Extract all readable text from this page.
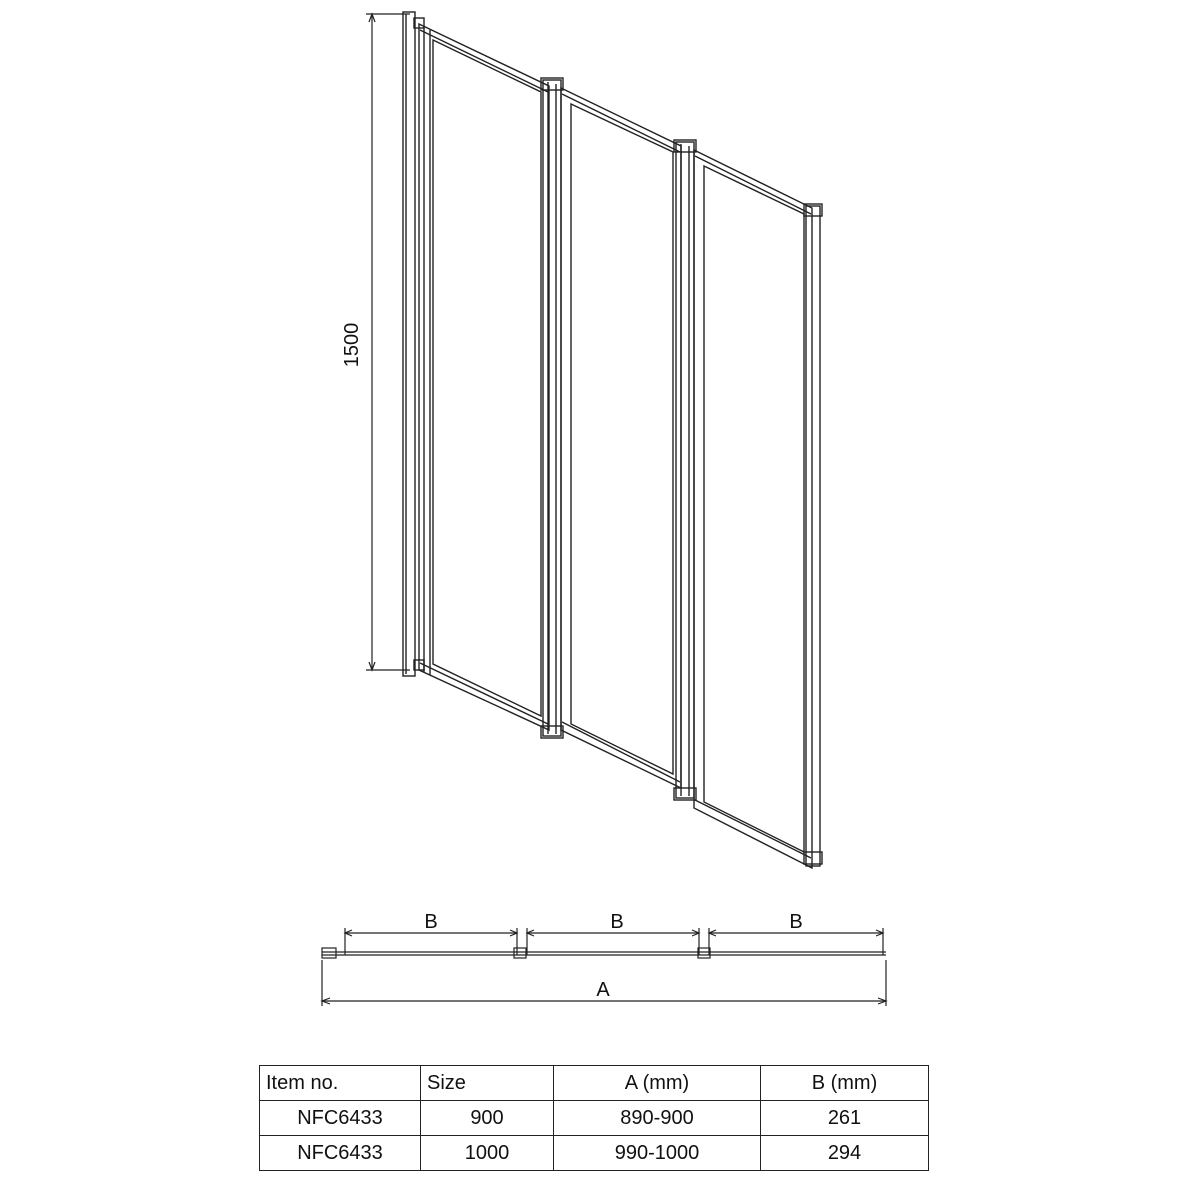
1500
B	B	B
A
Item no.	Size	A (mm)	B (mm)
NFC6433	900	890-900	261
NFC6433	1000	990-1000	294
